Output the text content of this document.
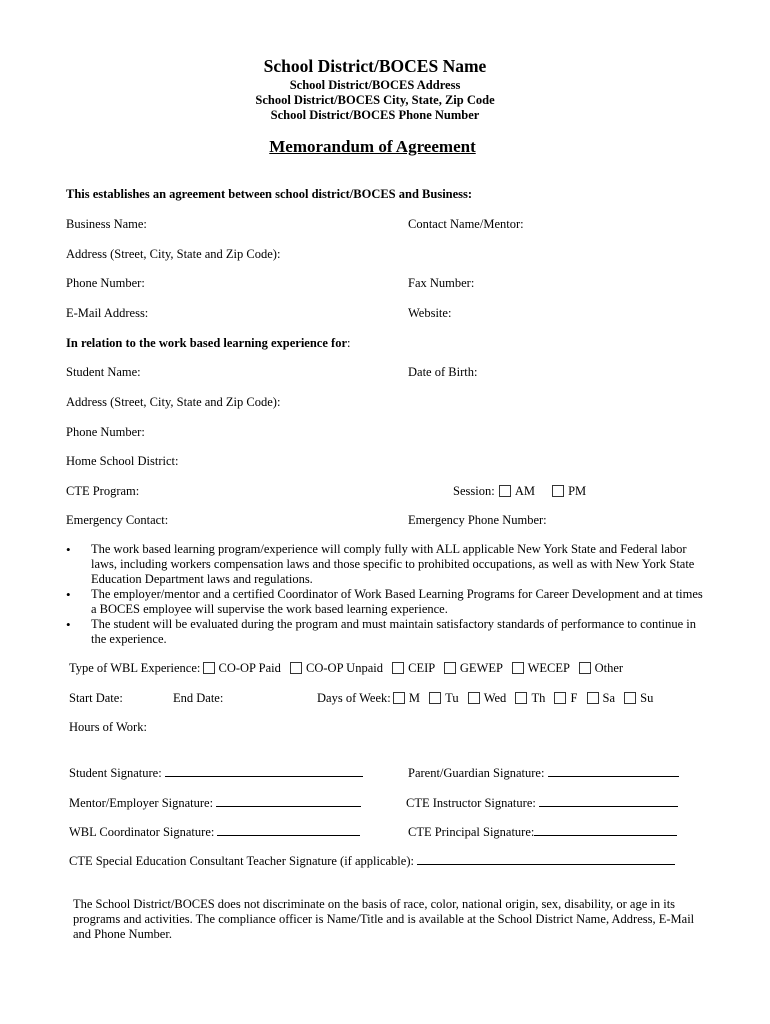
School District/BOCES Name
School District/BOCES Address
School District/BOCES City, State, Zip Code
School District/BOCES Phone Number
Memorandum of Agreement
This establishes an agreement between school district/BOCES and Business:
Business Name:	Contact Name/Mentor:
Address (Street, City, State and Zip Code):
Phone Number:	Fax Number:
E-Mail Address:	Website:
In relation to the work based learning experience for:
Student Name:	Date of Birth:
Address (Street, City, State and Zip Code):
Phone Number:
Home School District:
CTE Program:	Session: AM	PM
Emergency Contact:	Emergency Phone Number:
• The work based learning program/experience will comply fully with ALL applicable New York State and Federal labor laws, including workers compensation laws and those specific to prohibited occupations, as well as with New York State Education Department laws and regulations.
• The employer/mentor and a certified Coordinator of Work Based Learning Programs for Career Development and at times a BOCES employee will supervise the work based learning experience.
• The student will be evaluated during the program and must maintain satisfactory standards of performance to continue in the experience.
Type of WBL Experience: CO-OP Paid CO-OP Unpaid CEIP GEWEP WECEP Other
Start Date:	End Date:	Days of Week: M Tu Wed Th F Sa Su
Hours of Work:
Student Signature:	Parent/Guardian Signature:
Mentor/Employer Signature:	CTE Instructor Signature:
WBL Coordinator Signature:	CTE Principal Signature:
CTE Special Education Consultant Teacher Signature (if applicable):
The School District/BOCES does not discriminate on the basis of race, color, national origin, sex, disability, or age in its programs and activities. The compliance officer is Name/Title and is available at the School District Name, Address, E-Mail and Phone Number.
